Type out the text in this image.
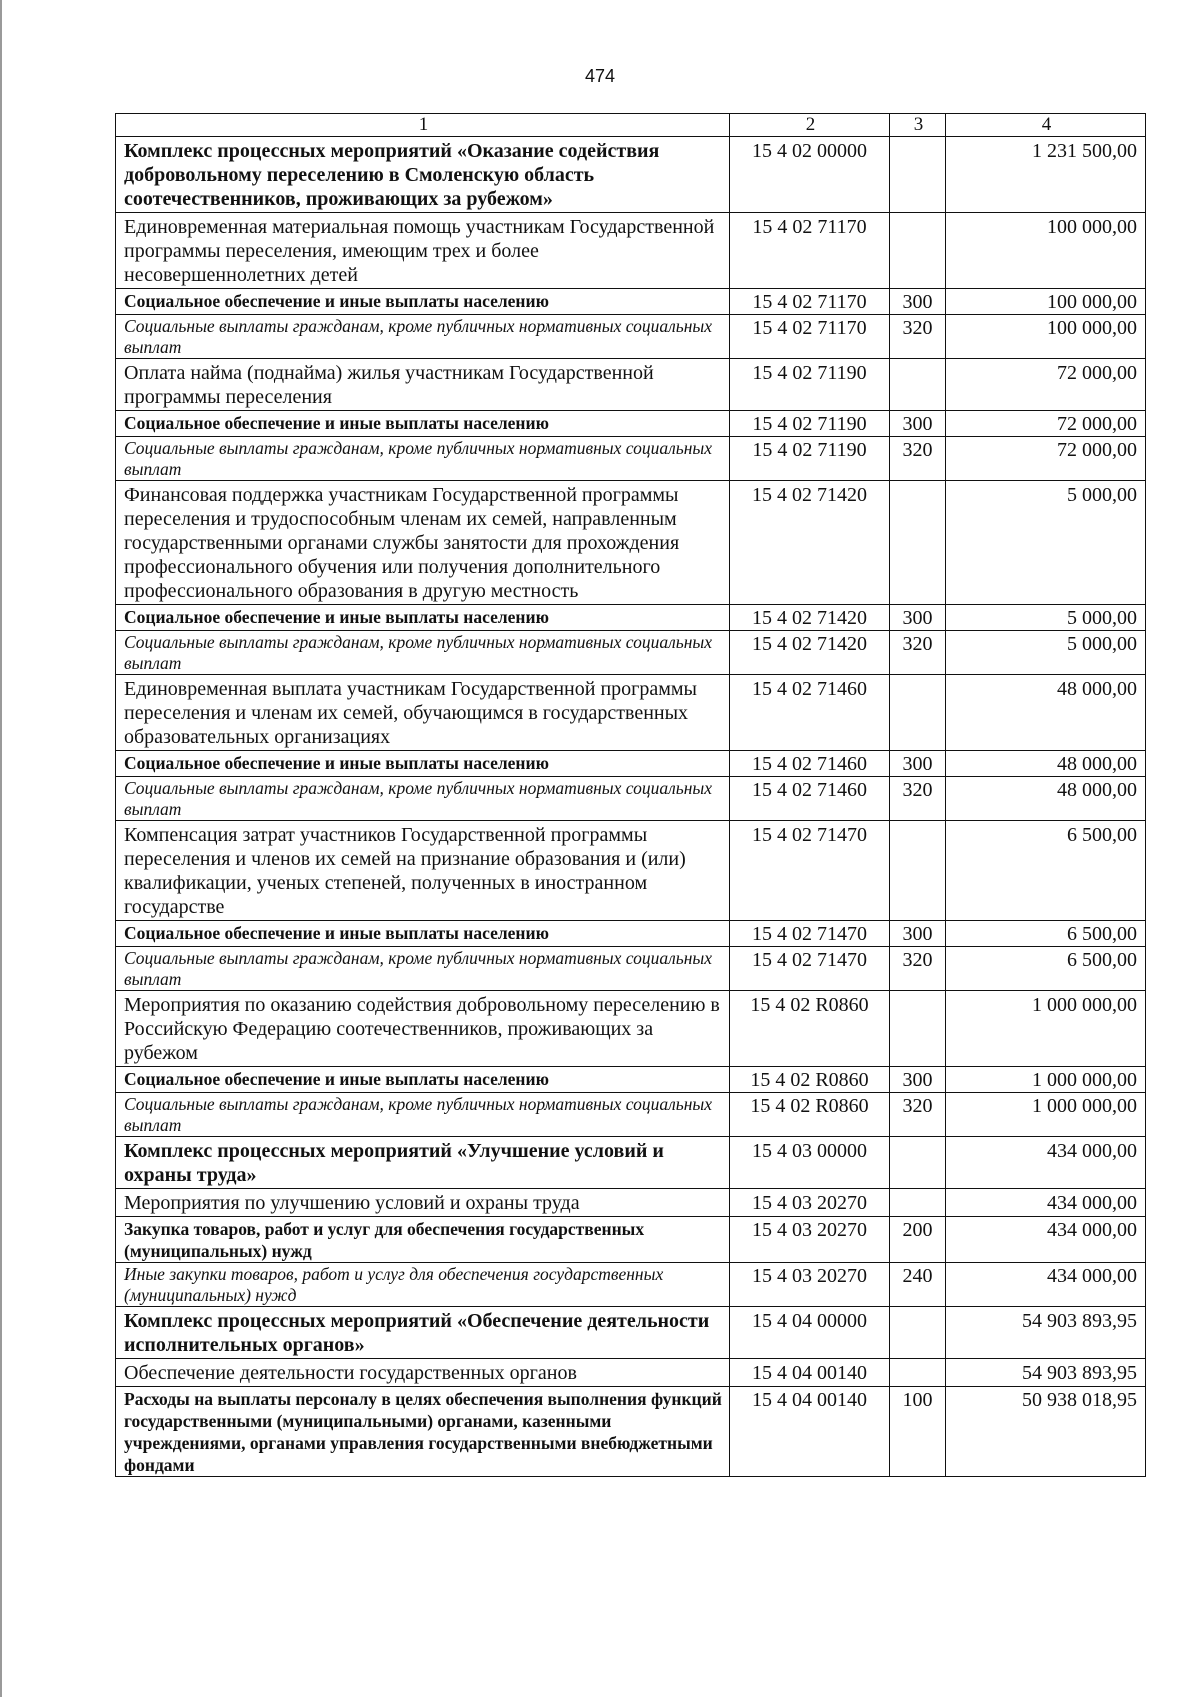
474
1	2	3	4
Комплекс процессных мероприятий «Оказание содействия добровольному переселению в Смоленскую область соотечественников, проживающих за рубежом»	15 4 02 00000		1 231 500,00
Единовременная материальная помощь участникам Государственной программы переселения, имеющим трех и более несовершеннолетних детей	15 4 02 71170		100 000,00
Социальное обеспечение и иные выплаты населению	15 4 02 71170	300	100 000,00
Социальные выплаты гражданам, кроме публичных нормативных социальных выплат	15 4 02 71170	320	100 000,00
Оплата найма (поднайма) жилья участникам Государственной программы переселения	15 4 02 71190		72 000,00
Социальное обеспечение и иные выплаты населению	15 4 02 71190	300	72 000,00
Социальные выплаты гражданам, кроме публичных нормативных социальных выплат	15 4 02 71190	320	72 000,00
Финансовая поддержка участникам Государственной программы переселения и трудоспособным членам их семей, направленным государственными органами службы занятости для прохождения профессионального обучения или получения дополнительного профессионального образования в другую местность	15 4 02 71420		5 000,00
Социальное обеспечение и иные выплаты населению	15 4 02 71420	300	5 000,00
Социальные выплаты гражданам, кроме публичных нормативных социальных выплат	15 4 02 71420	320	5 000,00
Единовременная выплата участникам Государственной программы переселения и членам их семей, обучающимся в государственных образовательных организациях	15 4 02 71460		48 000,00
Социальное обеспечение и иные выплаты населению	15 4 02 71460	300	48 000,00
Социальные выплаты гражданам, кроме публичных нормативных социальных выплат	15 4 02 71460	320	48 000,00
Компенсация затрат участников Государственной программы переселения и членов их семей на признание образования и (или) квалификации, ученых степеней, полученных в иностранном государстве	15 4 02 71470		6 500,00
Социальное обеспечение и иные выплаты населению	15 4 02 71470	300	6 500,00
Социальные выплаты гражданам, кроме публичных нормативных социальных выплат	15 4 02 71470	320	6 500,00
Мероприятия по оказанию содействия добровольному переселению в Российскую Федерацию соотечественников, проживающих за рубежом	15 4 02 R0860		1 000 000,00
Социальное обеспечение и иные выплаты населению	15 4 02 R0860	300	1 000 000,00
Социальные выплаты гражданам, кроме публичных нормативных социальных выплат	15 4 02 R0860	320	1 000 000,00
Комплекс процессных мероприятий «Улучшение условий и охраны труда»	15 4 03 00000		434 000,00
Мероприятия по улучшению условий и охраны труда	15 4 03 20270		434 000,00
Закупка товаров, работ и услуг для обеспечения государственных (муниципальных) нужд	15 4 03 20270	200	434 000,00
Иные закупки товаров, работ и услуг для обеспечения государственных (муниципальных) нужд	15 4 03 20270	240	434 000,00
Комплекс процессных мероприятий «Обеспечение деятельности исполнительных органов»	15 4 04 00000		54 903 893,95
Обеспечение деятельности государственных органов	15 4 04 00140		54 903 893,95
Расходы на выплаты персоналу в целях обеспечения выполнения функций государственными (муниципальными) органами, казенными учреждениями, органами управления государственными внебюджетными фондами	15 4 04 00140	100	50 938 018,95
